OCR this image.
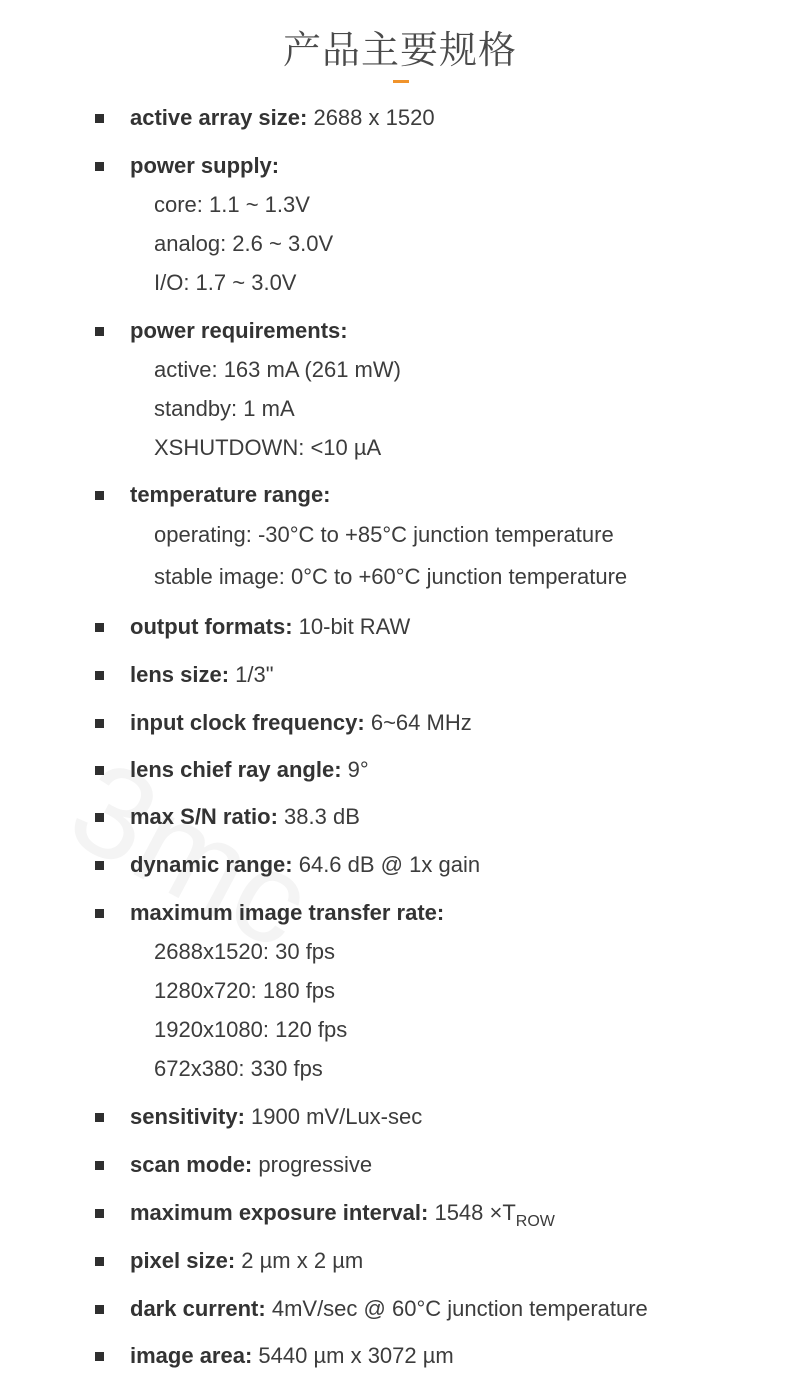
产品主要规格
active array size: 2688 x 1520
power supply:
core: 1.1 ~ 1.3V
analog: 2.6 ~ 3.0V
I/O: 1.7 ~ 3.0V
power requirements:
active: 163 mA (261 mW)
standby: 1 mA
XSHUTDOWN: <10 µA
temperature range:
operating: -30°C to +85°C junction temperature
stable image: 0°C to +60°C junction temperature
output formats: 10-bit RAW
lens size: 1/3"
input clock frequency: 6~64 MHz
lens chief ray angle: 9°
max S/N ratio: 38.3 dB
dynamic range: 64.6 dB @ 1x gain
maximum image transfer rate:
2688x1520: 30 fps
1280x720: 180 fps
1920x1080: 120 fps
672x380: 330 fps
sensitivity: 1900 mV/Lux-sec
scan mode: progressive
maximum exposure interval: $1548 \times T_{ROW}$
pixel size: 2 µm x 2 µm
dark current: 4mV/sec @ 60°C junction temperature
image area: 5440 µm x 3072 µm
